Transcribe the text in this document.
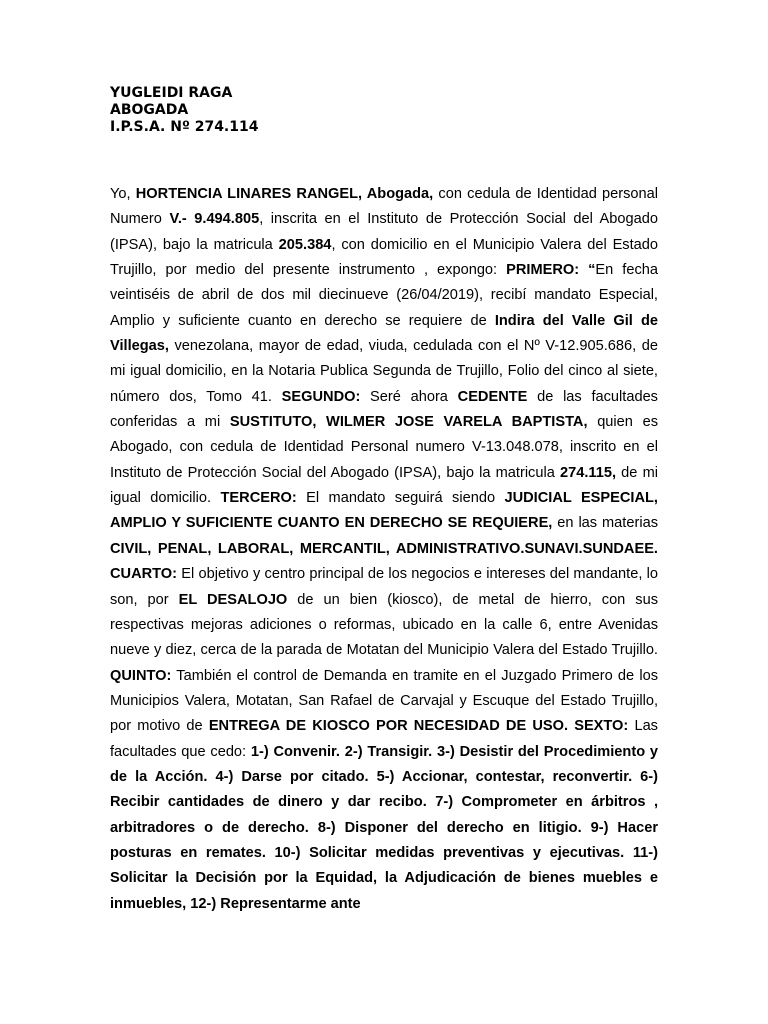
YUGLEIDI RAGA
ABOGADA
I.P.S.A. Nº 274.114

Yo, HORTENCIA LINARES RANGEL, Abogada, con cedula de Identidad personal Numero V.- 9.494.805, inscrita en el Instituto de Protección Social del Abogado (IPSA), bajo la matricula 205.384, con domicilio en el Municipio Valera del Estado Trujillo, por medio del presente instrumento , expongo: PRIMERO: “En fecha veintiséis de abril de dos mil diecinueve (26/04/2019), recibí mandato Especial, Amplio y suficiente cuanto en derecho se requiere de Indira del Valle Gil de Villegas, venezolana, mayor de edad, viuda, cedulada con el Nº V-12.905.686, de mi igual domicilio, en la Notaria Publica Segunda de Trujillo, Folio del cinco al siete, número dos, Tomo 41. SEGUNDO: Seré ahora CEDENTE de las facultades conferidas a mi SUSTITUTO, WILMER JOSE VARELA BAPTISTA, quien es Abogado, con cedula de Identidad Personal numero V-13.048.078, inscrito en el Instituto de Protección Social del Abogado (IPSA), bajo la matricula 274.115, de mi igual domicilio. TERCERO: El mandato seguirá siendo JUDICIAL ESPECIAL, AMPLIO Y SUFICIENTE CUANTO EN DERECHO SE REQUIERE, en las materias CIVIL, PENAL, LABORAL, MERCANTIL, ADMINISTRATIVO.SUNAVI.SUNDAEE. CUARTO: El objetivo y centro principal de los negocios e intereses del mandante, lo son, por EL DESALOJO de un bien (kiosco), de metal de hierro, con sus respectivas mejoras adiciones o reformas, ubicado en la calle 6, entre Avenidas nueve y diez, cerca de la parada de Motatan del Municipio Valera del Estado Trujillo. QUINTO: También el control de Demanda en tramite en el Juzgado Primero de los Municipios Valera, Motatan, San Rafael de Carvajal y Escuque del Estado Trujillo, por motivo de ENTREGA DE KIOSCO POR NECESIDAD DE USO. SEXTO: Las facultades que cedo: 1-) Convenir. 2-) Transigir. 3-) Desistir del Procedimiento y de la Acción. 4-) Darse por citado. 5-) Accionar, contestar, reconvertir. 6-) Recibir cantidades de dinero y dar recibo. 7-) Comprometer en árbitros , arbitradores o de derecho. 8-) Disponer del derecho en litigio. 9-) Hacer posturas en remates. 10-) Solicitar medidas preventivas y ejecutivas. 11-) Solicitar la Decisión por la Equidad, la Adjudicación de bienes muebles e inmuebles, 12-) Representarme ante
